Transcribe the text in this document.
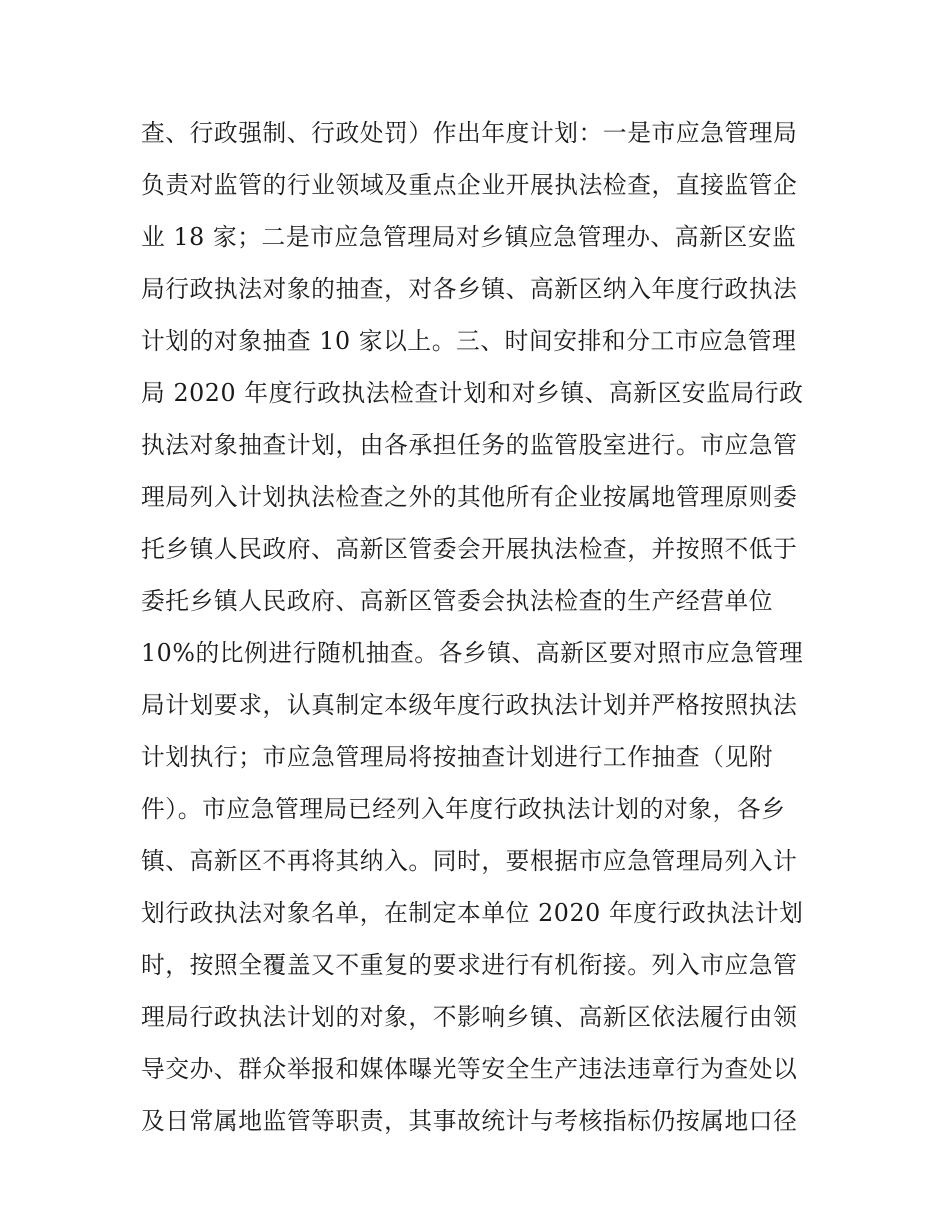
查、行政强制、行政处罚）作出年度计划：一是市应急管理局
负责对监管的行业领域及重点企业开展执法检查，直接监管企
业 18 家；二是市应急管理局对乡镇应急管理办、高新区安监
局行政执法对象的抽查，对各乡镇、高新区纳入年度行政执法
计划的对象抽查 10 家以上。三、时间安排和分工市应急管理
局 2020 年度行政执法检查计划和对乡镇、高新区安监局行政
执法对象抽查计划，由各承担任务的监管股室进行。市应急管
理局列入计划执法检查之外的其他所有企业按属地管理原则委
托乡镇人民政府、高新区管委会开展执法检查，并按照不低于
委托乡镇人民政府、高新区管委会执法检查的生产经营单位
10%的比例进行随机抽查。各乡镇、高新区要对照市应急管理
局计划要求，认真制定本级年度行政执法计划并严格按照执法
计划执行；市应急管理局将按抽查计划进行工作抽查（见附
件）。市应急管理局已经列入年度行政执法计划的对象，各乡
镇、高新区不再将其纳入。同时，要根据市应急管理局列入计
划行政执法对象名单，在制定本单位 2020 年度行政执法计划
时，按照全覆盖又不重复的要求进行有机衔接。列入市应急管
理局行政执法计划的对象，不影响乡镇、高新区依法履行由领
导交办、群众举报和媒体曝光等安全生产违法违章行为查处以
及日常属地监管等职责，其事故统计与考核指标仍按属地口径
